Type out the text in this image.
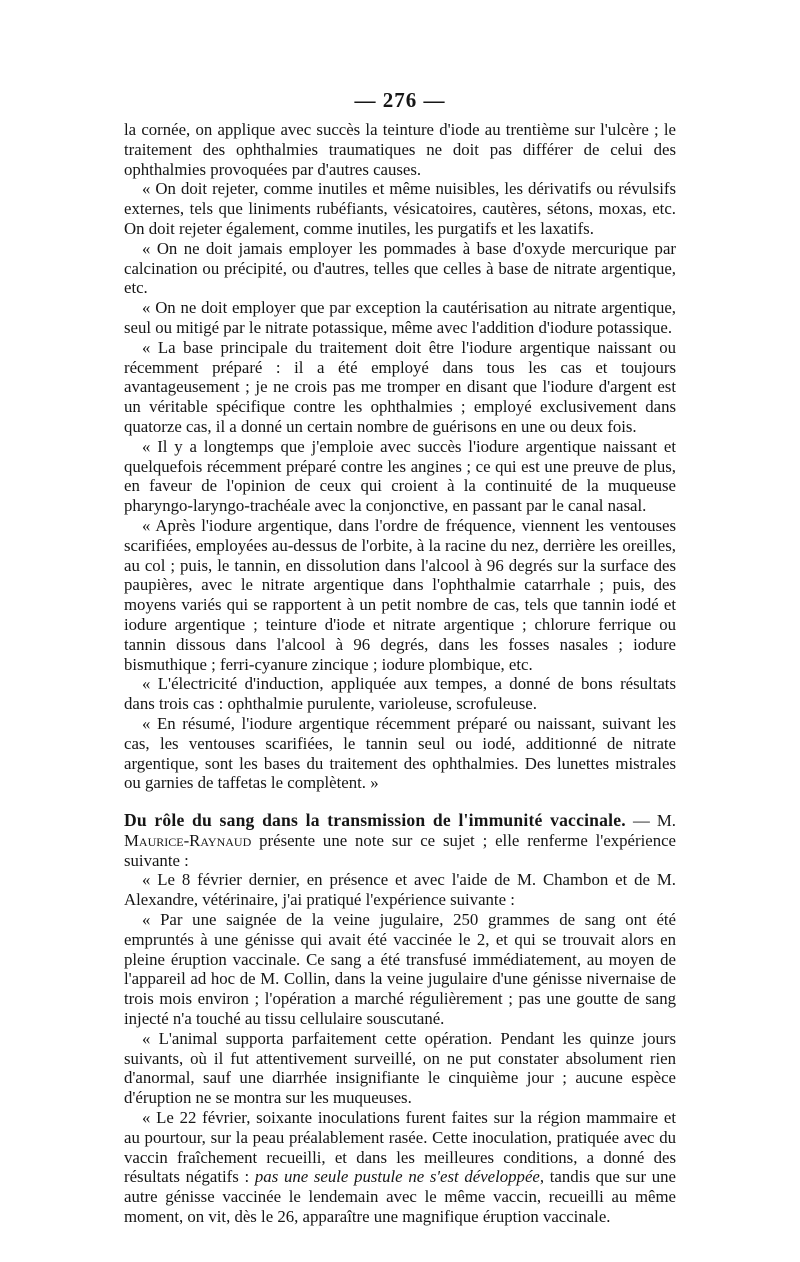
— 276 —

la cornée, on applique avec succès la teinture d'iode au trentième sur l'ulcère ; le traitement des ophthalmies traumatiques ne doit pas différer de celui des ophthalmies provoquées par d'autres causes.

« On doit rejeter, comme inutiles et même nuisibles, les dérivatifs ou révulsifs externes, tels que liniments rubéfiants, vésicatoires, cautères, sétons, moxas, etc. On doit rejeter également, comme inutiles, les purgatifs et les laxatifs.

« On ne doit jamais employer les pommades à base d'oxyde mercurique par calcination ou précipité, ou d'autres, telles que celles à base de nitrate argentique, etc.

« On ne doit employer que par exception la cautérisation au nitrate argentique, seul ou mitigé par le nitrate potassique, même avec l'addition d'iodure potassique.

« La base principale du traitement doit être l'iodure argentique naissant ou récemment préparé : il a été employé dans tous les cas et toujours avantageusement ; je ne crois pas me tromper en disant que l'iodure d'argent est un véritable spécifique contre les ophthalmies ; employé exclusivement dans quatorze cas, il a donné un certain nombre de guérisons en une ou deux fois.

« Il y a longtemps que j'emploie avec succès l'iodure argentique naissant et quelquefois récemment préparé contre les angines ; ce qui est une preuve de plus, en faveur de l'opinion de ceux qui croient à la continuité de la muqueuse pharyngo-laryngo-trachéale avec la conjonctive, en passant par le canal nasal.

« Après l'iodure argentique, dans l'ordre de fréquence, viennent les ventouses scarifiées, employées au-dessus de l'orbite, à la racine du nez, derrière les oreilles, au col ; puis, le tannin, en dissolution dans l'alcool à 96 degrés sur la surface des paupières, avec le nitrate argentique dans l'ophthalmie catarrhale ; puis, des moyens variés qui se rapportent à un petit nombre de cas, tels que tannin iodé et iodure argentique ; teinture d'iode et nitrate argentique ; chlorure ferrique ou tannin dissous dans l'alcool à 96 degrés, dans les fosses nasales ; iodure bismuthique ; ferri-cyanure zincique ; iodure plombique, etc.

« L'électricité d'induction, appliquée aux tempes, a donné de bons résultats dans trois cas : ophthalmie purulente, varioleuse, scrofuleuse.

« En résumé, l'iodure argentique récemment préparé ou naissant, suivant les cas, les ventouses scarifiées, le tannin seul ou iodé, additionné de nitrate argentique, sont les bases du traitement des ophthalmies. Des lunettes mistrales ou garnies de taffetas le complètent. »

Du rôle du sang dans la transmission de l'immunité vaccinale. — M. Maurice-Raynaud présente une note sur ce sujet ; elle renferme l'expérience suivante :

« Le 8 février dernier, en présence et avec l'aide de M. Chambon et de M. Alexandre, vétérinaire, j'ai pratiqué l'expérience suivante :

« Par une saignée de la veine jugulaire, 250 grammes de sang ont été empruntés à une génisse qui avait été vaccinée le 2, et qui se trouvait alors en pleine éruption vaccinale. Ce sang a été transfusé immédiatement, au moyen de l'appareil ad hoc de M. Collin, dans la veine jugulaire d'une génisse nivernaise de trois mois environ ; l'opération a marché régulièrement ; pas une goutte de sang injecté n'a touché au tissu cellulaire souscutané.

« L'animal supporta parfaitement cette opération. Pendant les quinze jours suivants, où il fut attentivement surveillé, on ne put constater absolument rien d'anormal, sauf une diarrhée insignifiante le cinquième jour ; aucune espèce d'éruption ne se montra sur les muqueuses.

« Le 22 février, soixante inoculations furent faites sur la région mammaire et au pourtour, sur la peau préalablement rasée. Cette inoculation, pratiquée avec du vaccin fraîchement recueilli, et dans les meilleures conditions, a donné des résultats négatifs : pas une seule pustule ne s'est développée, tandis que sur une autre génisse vaccinée le lendemain avec le même vaccin, recueilli au même moment, on vit, dès le 26, apparaître une magnifique éruption vaccinale.
